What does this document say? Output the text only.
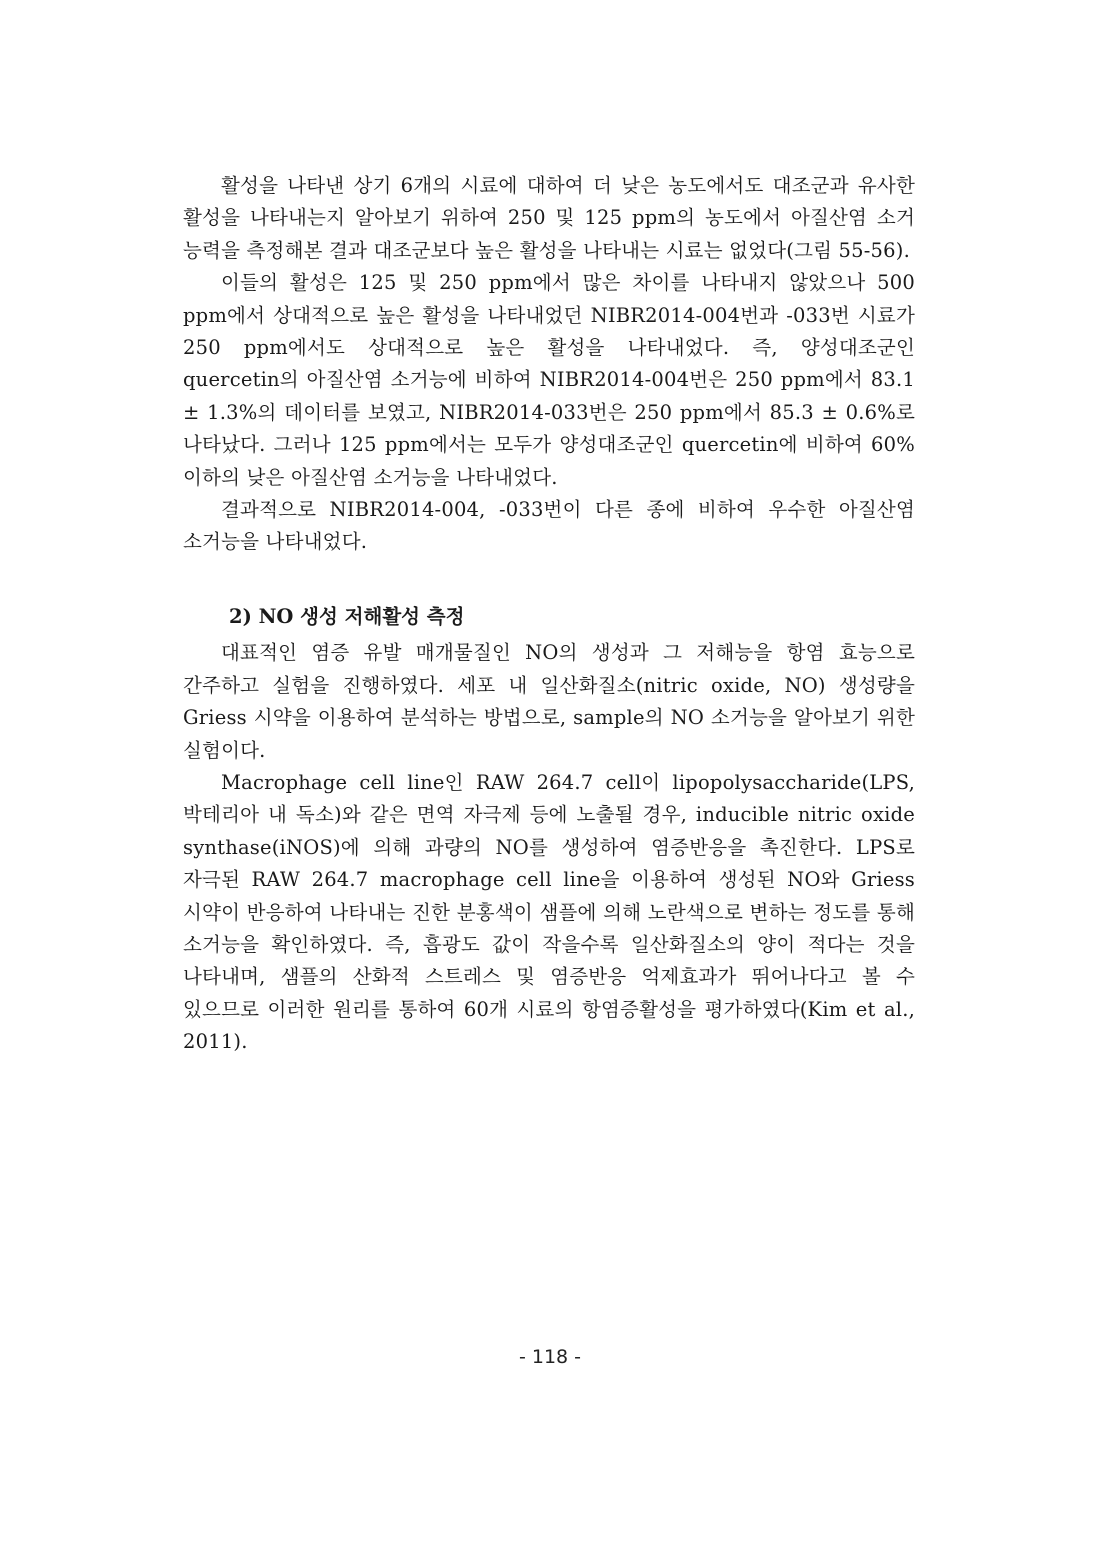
활성을 나타낸 상기 6개의 시료에 대하여 더 낮은 농도에서도 대조군과 유사한 활성을 나타내는지 알아보기 위하여 250 및 125 ppm의 농도에서 아질산염 소거 능력을 측정해본 결과 대조군보다 높은 활성을 나타내는 시료는 없었다(그림 55-56).

이들의 활성은 125 및 250 ppm에서 많은 차이를 나타내지 않았으나 500 ppm에서 상대적으로 높은 활성을 나타내었던 NIBR2014-004번과 -033번 시료가 250 ppm에서도 상대적으로 높은 활성을 나타내었다. 즉, 양성대조군인 quercetin의 아질산염 소거능에 비하여 NIBR2014-004번은 250 ppm에서 83.1 ± 1.3%의 데이터를 보였고, NIBR2014-033번은 250 ppm에서 85.3 ± 0.6%로 나타났다. 그러나 125 ppm에서는 모두가 양성대조군인 quercetin에 비하여 60%이하의 낮은 아질산염 소거능을 나타내었다.

결과적으로 NIBR2014-004, -033번이 다른 종에 비하여 우수한 아질산염 소거능을 나타내었다.

2) NO 생성 저해활성 측정

대표적인 염증 유발 매개물질인 NO의 생성과 그 저해능을 항염 효능으로 간주하고 실험을 진행하였다. 세포 내 일산화질소(nitric oxide, NO) 생성량을 Griess 시약을 이용하여 분석하는 방법으로, sample의 NO 소거능을 알아보기 위한 실험이다.

Macrophage cell line인 RAW 264.7 cell이 lipopolysaccharide(LPS, 박테리아 내 독소)와 같은 면역 자극제 등에 노출될 경우, inducible nitric oxide synthase(iNOS)에 의해 과량의 NO를 생성하여 염증반응을 촉진한다. LPS로 자극된 RAW 264.7 macrophage cell line을 이용하여 생성된 NO와 Griess 시약이 반응하여 나타내는 진한 분홍색이 샘플에 의해 노란색으로 변하는 정도를 통해 소거능을 확인하였다. 즉, 흡광도 값이 작을수록 일산화질소의 양이 적다는 것을 나타내며, 샘플의 산화적 스트레스 및 염증반응 억제효과가 뛰어나다고 볼 수 있으므로 이러한 원리를 통하여 60개 시료의 항염증활성을 평가하였다(Kim et al., 2011).

- 118 -
